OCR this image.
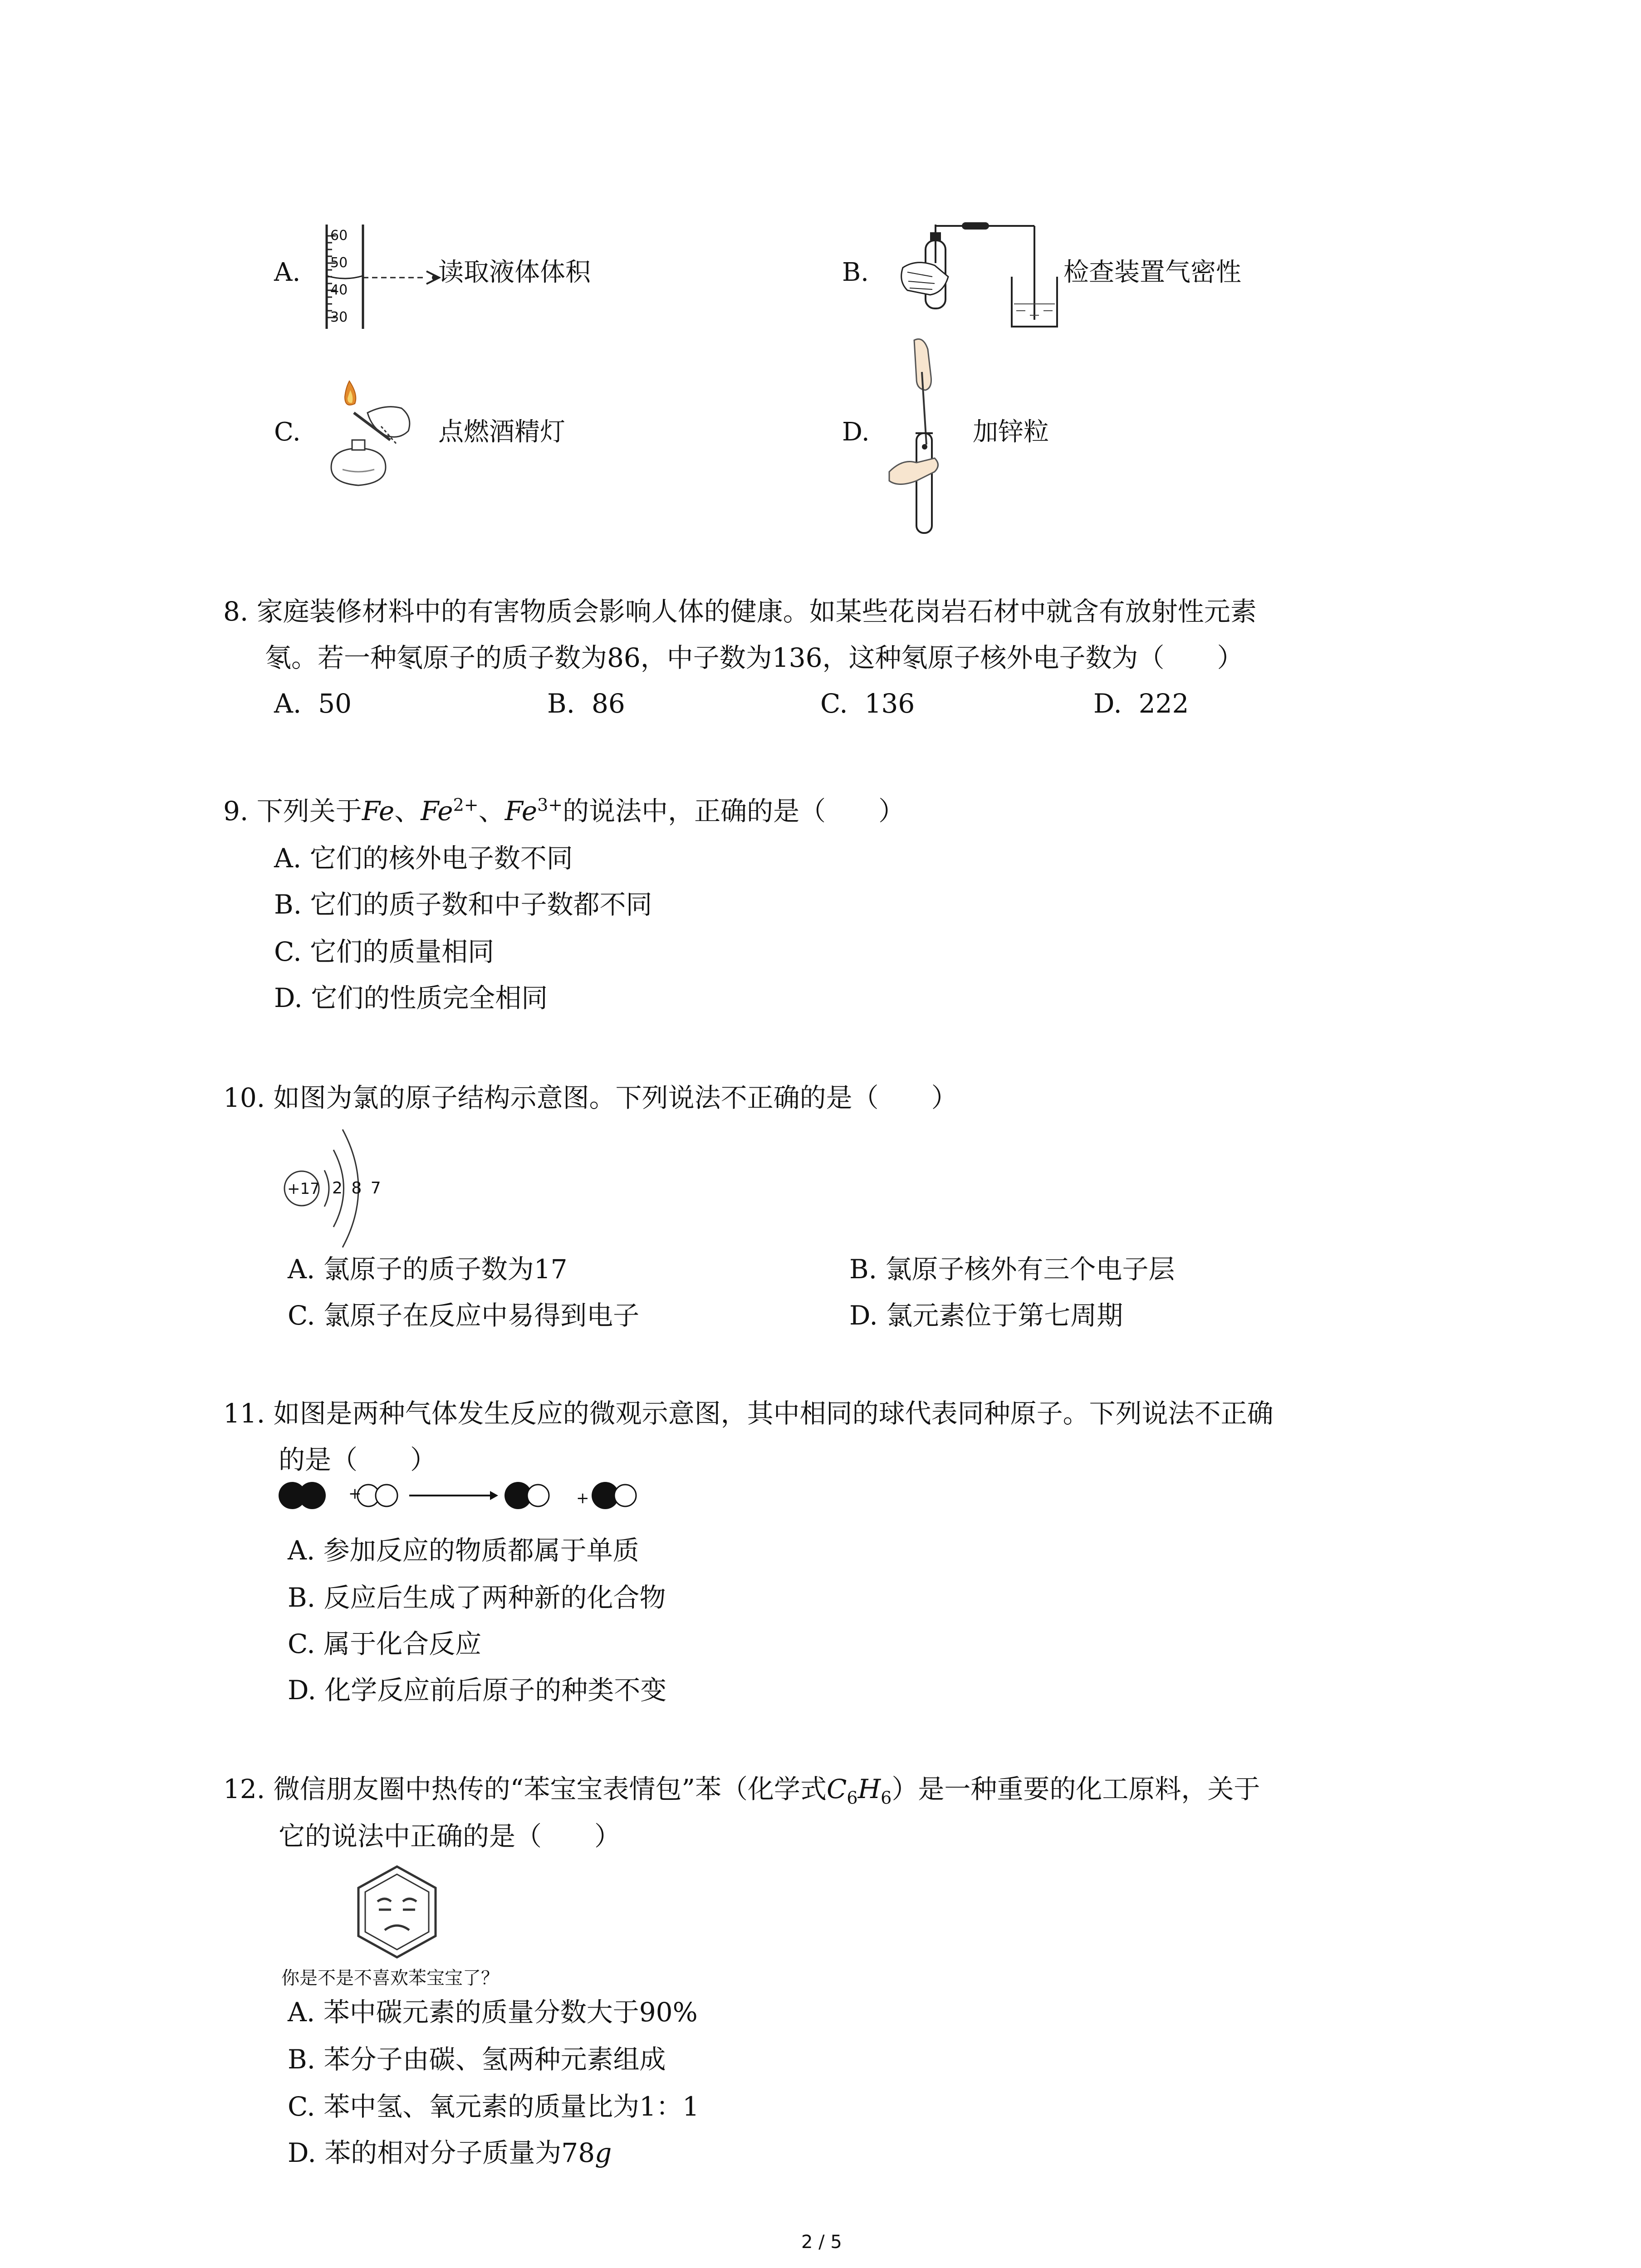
A.
60
50
40
30
读取液体体积	B.	检查装置气密性
C.	点燃酒精灯	D.	加锌粒
8. 家庭装修材料中的有害物质会影响人体的健康。如某些花岗岩石材中就含有放射性元素
氡。若一种氡原子的质子数为86，中子数为136，这种氡原子核外电子数为（　　）
A. 50	B. 86	C. 136	D. 222
9. 下列关于Fe、$Fe^{2+}$、$Fe^{3+}$的说法中，正确的是（　　）
A. 它们的核外电子数不同
B. 它们的质子数和中子数都不同
C. 它们的质量相同
D. 它们的性质完全相同
10. 如图为氯的原子结构示意图。下列说法不正确的是（　　）
+17 2 8 7
A. 氯原子的质子数为17	B. 氯原子核外有三个电子层
C. 氯原子在反应中易得到电子	D. 氯元素位于第七周期
11. 如图是两种气体发生反应的微观示意图，其中相同的球代表同种原子。下列说法不正确
的是（　　）
+	+
A. 参加反应的物质都属于单质
B. 反应后生成了两种新的化合物
C. 属于化合反应
D. 化学反应前后原子的种类不变
12. 微信朋友圈中热传的“苯宝宝表情包”苯（化学式$C_6H_6$）是一种重要的化工原料，关于
它的说法中正确的是（　　）
你是不是不喜欢苯宝宝了？
A. 苯中碳元素的质量分数大于90%
B. 苯分子由碳、氢两种元素组成
C. 苯中氢、氧元素的质量比为1：1
D. 苯的相对分子质量为78g
2 / 5
